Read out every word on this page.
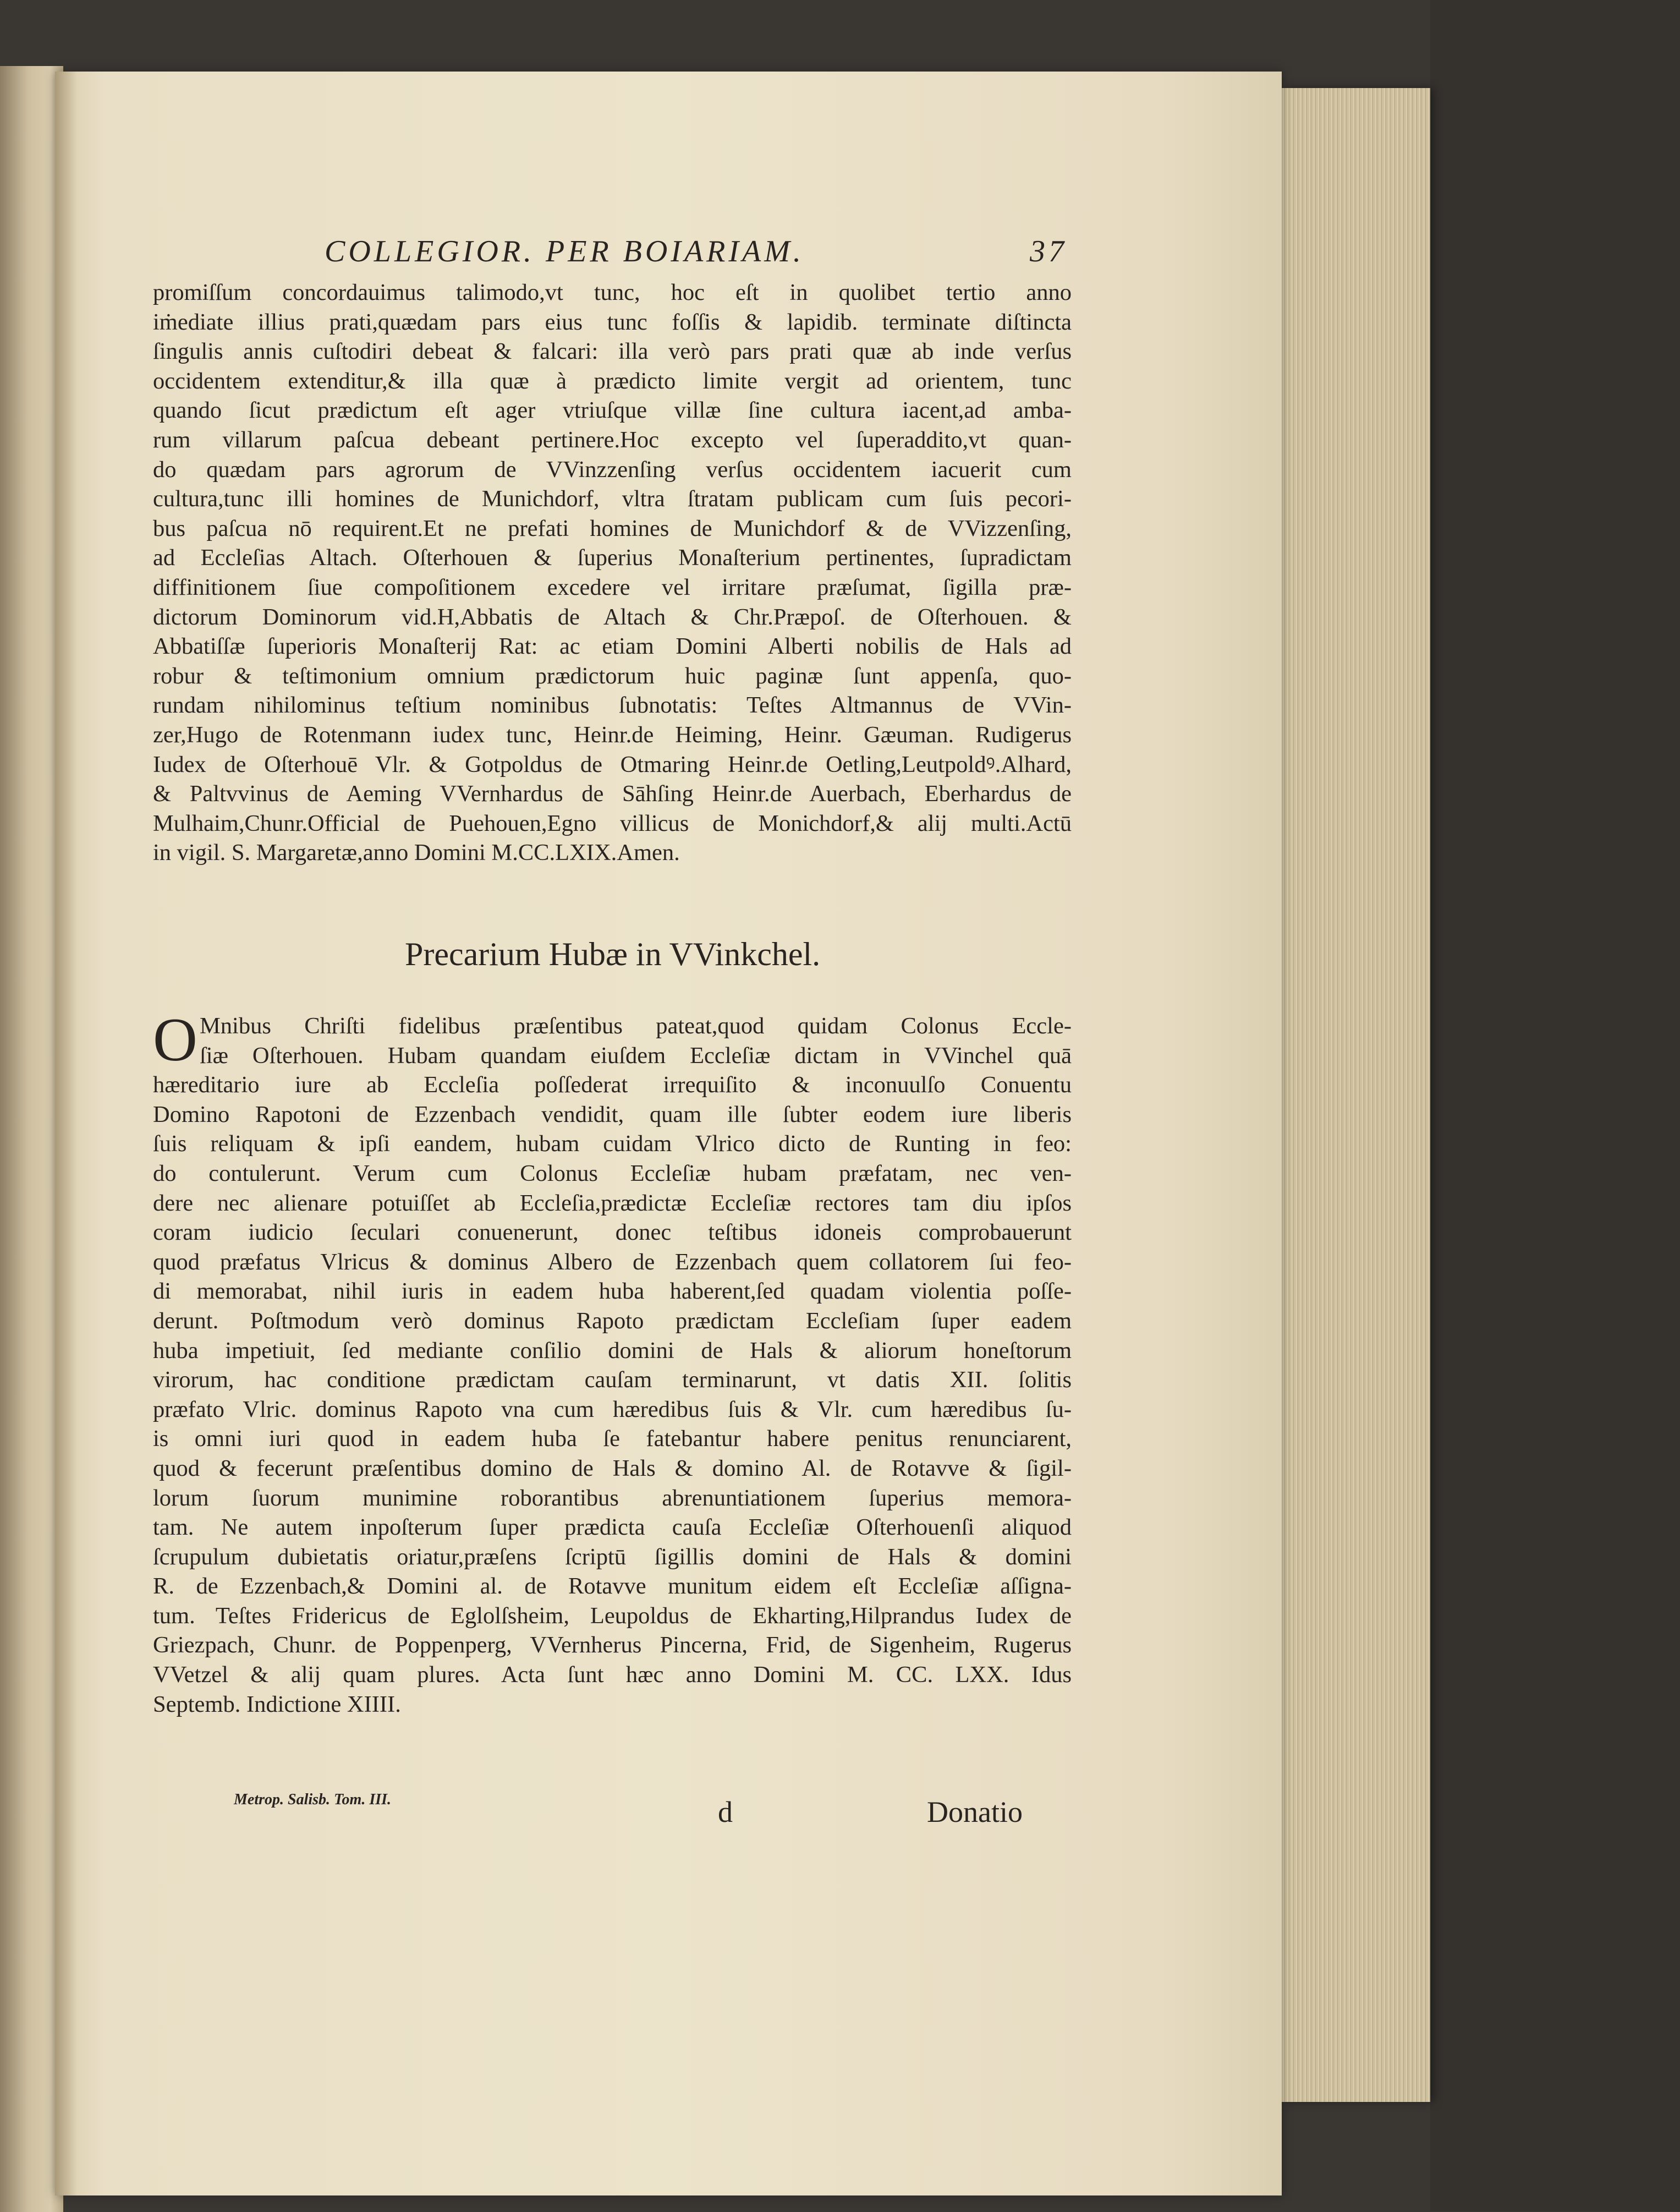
COLLEGIOR. PER BOIARIAM.	37
promiſſum concordauimus talimodo,vt tunc, hoc eſt in quolibet tertio anno
iṁediate illius prati,quædam pars eius tunc foſſis & lapidib. terminate diſtincta
ſingulis annis cuſtodiri debeat & falcari: illa verò pars prati quæ ab inde verſus
occidentem extenditur,& illa quæ à prædicto limite vergit ad orientem, tunc
quando ſicut prædictum eſt ager vtriuſque villæ ſine cultura iacent,ad amba-
rum villarum paſcua debeant pertinere.Hoc excepto vel ſuperaddito,vt quan-
do quædam pars agrorum de VVinzzenſing verſus occidentem iacuerit cum
cultura,tunc illi homines de Munichdorf, vltra ſtratam publicam cum ſuis pecori-
bus paſcua nō requirent.Et ne prefati homines de Munichdorf & de VVizzenſing,
ad Eccleſias Altach. Oſterhouen & ſuperius Monaſterium pertinentes, ſupradictam
diffinitionem ſiue compoſitionem excedere vel irritare præſumat, ſigilla præ-
dictorum Dominorum vid.H,Abbatis de Altach & Chr.Præpoſ. de Oſterhouen. &
Abbatiſſæ ſuperioris Monaſterij Rat: ac etiam Domini Alberti nobilis de Hals ad
robur & teſtimonium omnium prædictorum huic paginæ ſunt appenſa, quo-
rundam nihilominus teſtium nominibus ſubnotatis: Teſtes Altmannus de VVin-
zer,Hugo de Rotenmann iudex tunc, Heinr.de Heiming, Heinr. Gæuman. Rudigerus
Iudex de Oſterhouē Vlr. & Gotpoldus de Otmaring Heinr.de Oetling,Leutpoldꝰ.Alhard,
& Paltvvinus de Aeming VVernhardus de Sāhſing Heinr.de Auerbach, Eberhardus de
Mulhaim,Chunr.Official de Puehouen,Egno villicus de Monichdorf,& alij multi.Actū
in vigil. S. Margaretæ,anno Domini M.CC.LXIX.Amen.
Precarium Hubæ in VVinkchel.
O Mnibus Chriſti fidelibus præſentibus pateat,quod quidam Colonus Eccle-
ſiæ Oſterhouen. Hubam quandam eiuſdem Eccleſiæ dictam in VVinchel quā
hæreditario iure ab Eccleſia poſſederat irrequiſito & inconuulſo Conuentu
Domino Rapotoni de Ezzenbach vendidit, quam ille ſubter eodem iure liberis
ſuis reliquam & ipſi eandem, hubam cuidam Vlrico dicto de Runting in feo:
do contulerunt. Verum cum Colonus Eccleſiæ hubam præfatam, nec ven-
dere nec alienare potuiſſet ab Eccleſia,prædictæ Eccleſiæ rectores tam diu ipſos
coram iudicio ſeculari conuenerunt, donec teſtibus idoneis comprobauerunt
quod præfatus Vlricus & dominus Albero de Ezzenbach quem collatorem ſui feo-
di memorabat, nihil iuris in eadem huba haberent,ſed quadam violentia poſſe-
derunt. Poſtmodum verò dominus Rapoto prædictam Eccleſiam ſuper eadem
huba impetiuit, ſed mediante conſilio domini de Hals & aliorum honeſtorum
virorum, hac conditione prædictam cauſam terminarunt, vt datis XII. ſolitis
præfato Vlric. dominus Rapoto vna cum hæredibus ſuis & Vlr. cum hæredibus ſu-
is omni iuri quod in eadem huba ſe fatebantur habere penitus renunciarent,
quod & fecerunt præſentibus domino de Hals & domino Al. de Rotavve & ſigil-
lorum ſuorum munimine roborantibus abrenuntiationem ſuperius memora-
tam. Ne autem inpoſterum ſuper prædicta cauſa Eccleſiæ Oſterhouenſi aliquod
ſcrupulum dubietatis oriatur,præſens ſcriptū ſigillis domini de Hals & domini
R. de Ezzenbach,& Domini al. de Rotavve munitum eidem eſt Eccleſiæ aſſigna-
tum. Teſtes Fridericus de Eglolſsheim, Leupoldus de Ekharting,Hilprandus Iudex de
Griezpach, Chunr. de Poppenperg, VVernherus Pincerna, Frid, de Sigenheim, Rugerus
VVetzel & alij quam plures. Acta ſunt hæc anno Domini M. CC. LXX. Idus
Septemb. Indictione XIIII.
Metrop. Salisb. Tom. III.	d	Donatio
